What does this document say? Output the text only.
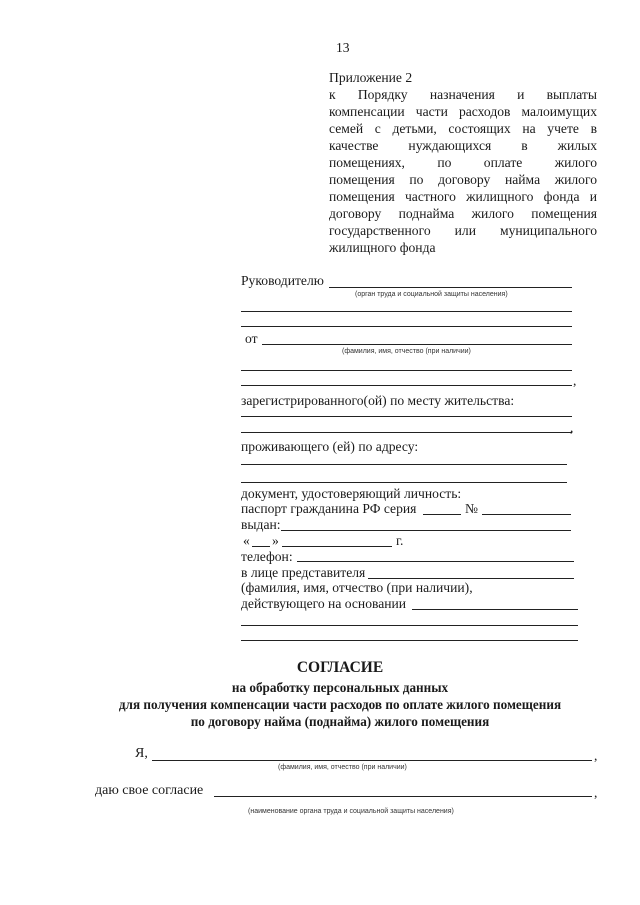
13
Приложение 2
к Порядку назначения и выплаты
компенсации части расходов малоимущих
семей с детьми, состоящих на учете в
качестве нуждающихся в жилых
помещениях, по оплате жилого
помещения по договору найма жилого
помещения частного жилищного фонда и
договору поднайма жилого помещения
государственного или муниципального
жилищного фонда
Руководителю
(орган труда и социальной защиты населения)
от
(фамилия, имя, отчество (при наличии)
,
зарегистрированного(ой) по месту жительства:
,
проживающего (ей) по адресу:
документ, удостоверяющий личность:
паспорт гражданина РФ серия	№
выдан:
« »	г.
телефон:
в лице представителя
(фамилия, имя, отчество (при наличии),
действующего на основании
СОГЛАСИЕ
на обработку персональных данных
для получения компенсации части расходов по оплате жилого помещения
по договору найма (поднайма) жилого помещения
Я,	,
(фамилия, имя, отчество (при наличии)
даю свое согласие	,
(наименование органа труда и социальной защиты населения)
